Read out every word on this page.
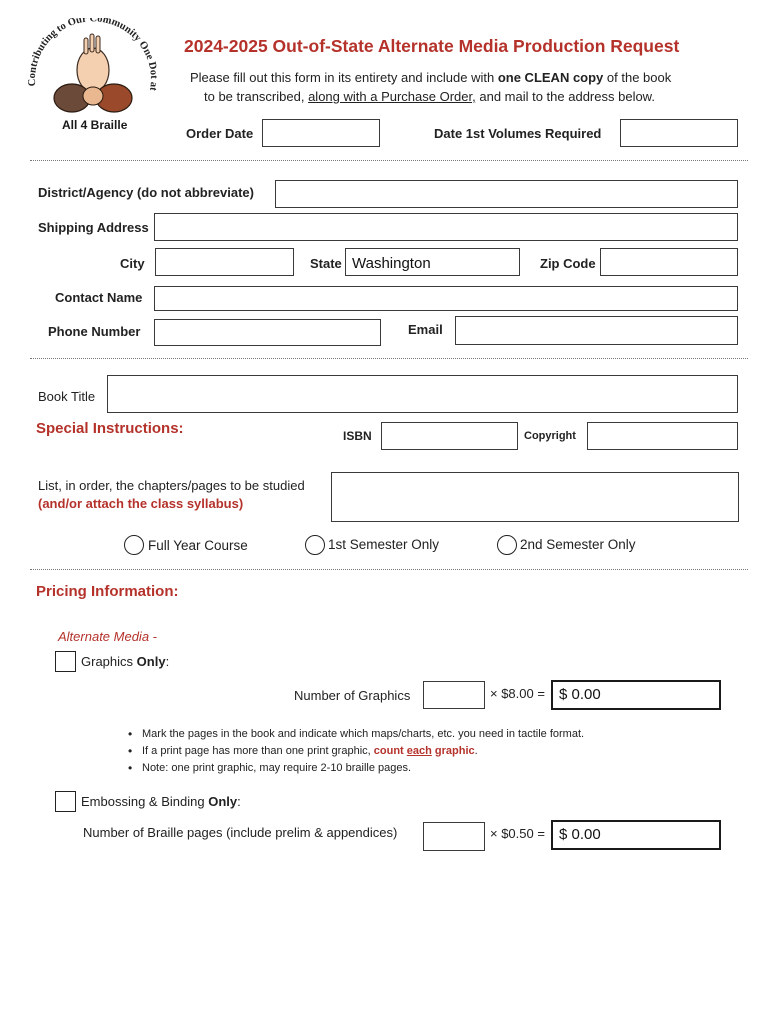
Contributing to Our Community One Dot at
All 4 Braille
2024-2025 Out-of-State Alternate Media Production Request
Please fill out this form in its entirety and include with one CLEAN copy of the book
to be transcribed, along with a Purchase Order, and mail to the address below.
Order Date	Date 1st Volumes Required
District/Agency (do not abbreviate)
Shipping Address
City	State Washington	Zip Code
Contact Name
Phone Number	Email
Book Title
Special Instructions:	ISBN	Copyright
List, in order, the chapters/pages to be studied
(and/or attach the class syllabus)
Full Year Course	1st Semester Only	2nd Semester Only
Pricing Information:
Alternate Media -
Graphics Only:
Number of Graphics	× $8.00 = $ 0.00
• Mark the pages in the book and indicate which maps/charts, etc. you need in tactile format.
• If a print page has more than one print graphic, count each graphic.
• Note: one print graphic, may require 2-10 braille pages.
Embossing & Binding Only:
Number of Braille pages (include prelim & appendices)	× $0.50 = $ 0.00
